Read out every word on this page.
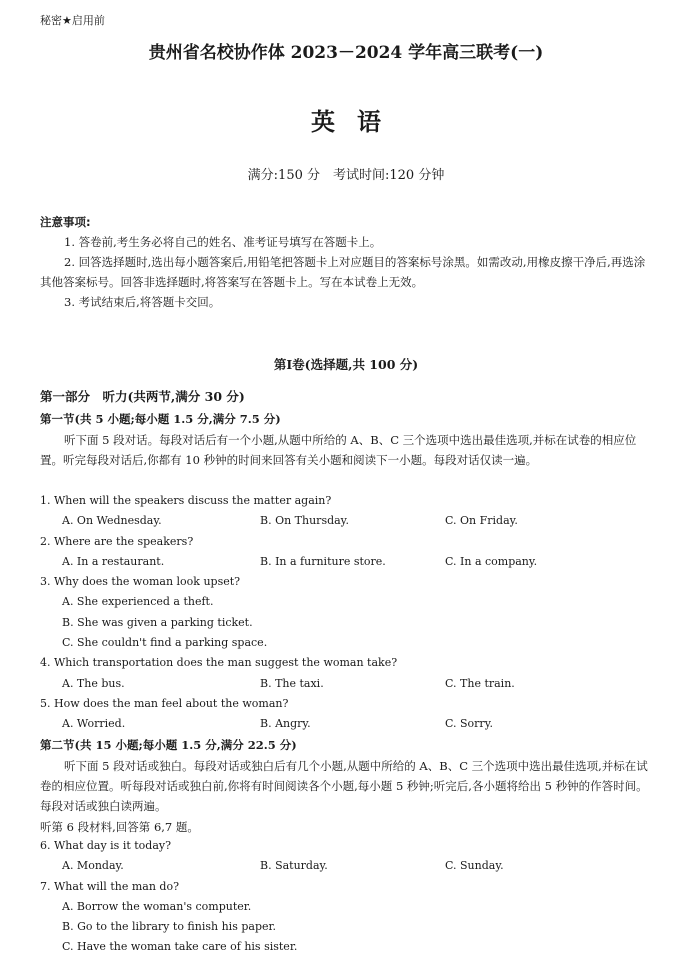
秘密★启用前
贵州省名校协作体 2023－2024 学年高三联考(一)
英语
满分:150 分　考试时间:120 分钟
注意事项:

1. 答卷前,考生务必将自己的姓名、准考证号填写在答题卡上。

2. 回答选择题时,选出每小题答案后,用铅笔把答题卡上对应题目的答案标号涂黑。如需改动,用橡皮擦干净后,再选涂其他答案标号。回答非选择题时,将答案写在答题卡上。写在本试卷上无效。

3. 考试结束后,将答题卡交回。

第Ⅰ卷(选择题,共 100 分)
第一部分　听力(共两节,满分 30 分)
第一节(共 5 小题;每小题 1.5 分,满分 7.5 分)

听下面 5 段对话。每段对话后有一个小题,从题中所给的 A、B、C 三个选项中选出最佳选项,并标在试卷的相应位置。听完每段对话后,你都有 10 秒钟的时间来回答有关小题和阅读下一小题。每段对话仅读一遍。

1. When will the speakers discuss the matter again?
A. On Wednesday.	B. On Thursday.	C. On Friday.
2. Where are the speakers?
A. In a restaurant.	B. In a furniture store.	C. In a company.
3. Why does the woman look upset?
A. She experienced a theft.
B. She was given a parking ticket.
C. She couldn't find a parking space.
4. Which transportation does the man suggest the woman take?
A. The bus.	B. The taxi.	C. The train.
5. How does the man feel about the woman?
A. Worried.	B. Angry.	C. Sorry.
第二节(共 15 小题;每小题 1.5 分,满分 22.5 分)

听下面 5 段对话或独白。每段对话或独白后有几个小题,从题中所给的 A、B、C 三个选项中选出最佳选项,并标在试卷的相应位置。听每段对话或独白前,你将有时间阅读各个小题,每小题 5 秒钟;听完后,各小题将给出 5 秒钟的作答时间。每段对话或独白读两遍。

听第 6 段材料,回答第 6,7 题。
6. What day is it today?
A. Monday.	B. Saturday.	C. Sunday.
7. What will the man do?
A. Borrow the woman's computer.
B. Go to the library to finish his paper.
C. Have the woman take care of his sister.
